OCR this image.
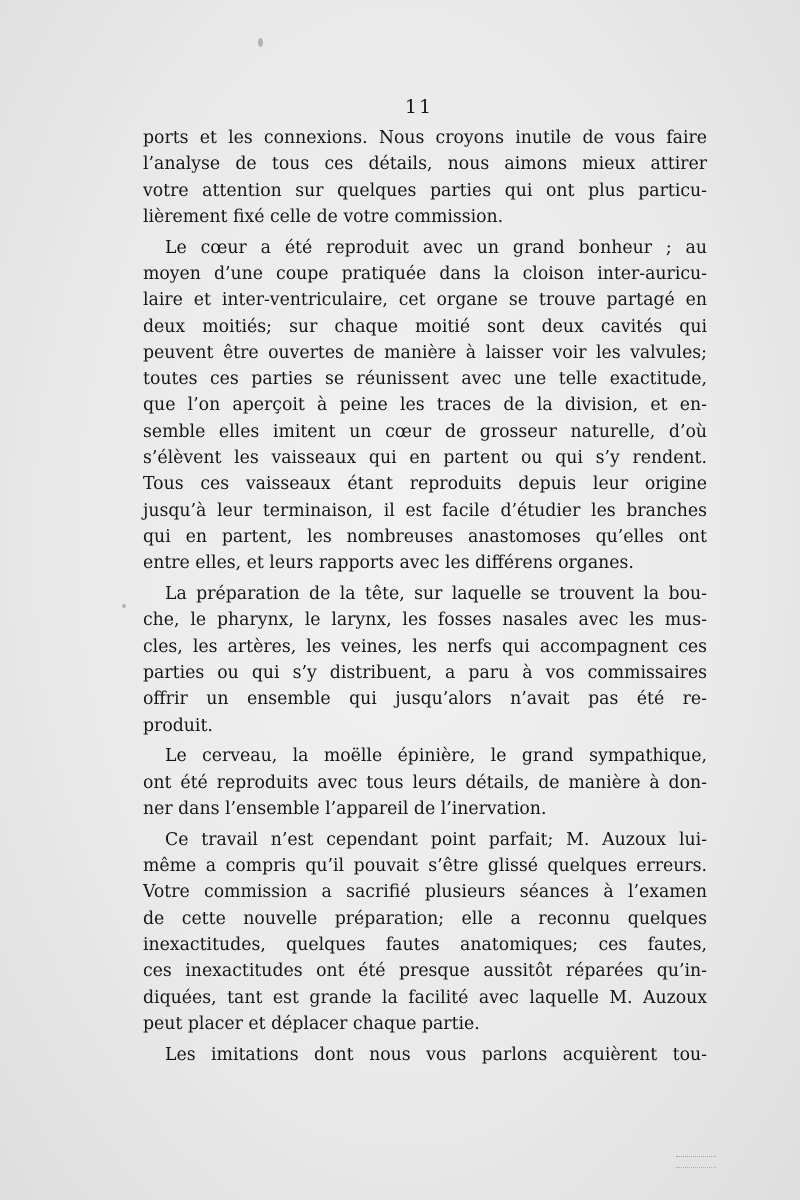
11
ports et les connexions. Nous croyons inutile de vous faire
l’analyse de tous ces détails, nous aimons mieux attirer
votre attention sur quelques parties qui ont plus particu-
lièrement fixé celle de votre commission.
Le cœur a été reproduit avec un grand bonheur ; au
moyen d’une coupe pratiquée dans la cloison inter-auricu-
laire et inter-ventriculaire, cet organe se trouve partagé en
deux moitiés; sur chaque moitié sont deux cavités qui
peuvent être ouvertes de manière à laisser voir les valvules;
toutes ces parties se réunissent avec une telle exactitude,
que l’on aperçoit à peine les traces de la division, et en-
semble elles imitent un cœur de grosseur naturelle, d’où
s’élèvent les vaisseaux qui en partent ou qui s’y rendent.
Tous ces vaisseaux étant reproduits depuis leur origine
jusqu’à leur terminaison, il est facile d’étudier les branches
qui en partent, les nombreuses anastomoses qu’elles ont
entre elles, et leurs rapports avec les différens organes.
La préparation de la tête, sur laquelle se trouvent la bou-
che, le pharynx, le larynx, les fosses nasales avec les mus-
cles, les artères, les veines, les nerfs qui accompagnent ces
parties ou qui s’y distribuent, a paru à vos commissaires
offrir un ensemble qui jusqu’alors n’avait pas été re-
produit.
Le cerveau, la moëlle épinière, le grand sympathique,
ont été reproduits avec tous leurs détails, de manière à don-
ner dans l’ensemble l’appareil de l’inervation.
Ce travail n’est cependant point parfait; M. Auzoux lui-
même a compris qu’il pouvait s’être glissé quelques erreurs.
Votre commission a sacrifié plusieurs séances à l’examen
de cette nouvelle préparation; elle a reconnu quelques
inexactitudes, quelques fautes anatomiques; ces fautes,
ces inexactitudes ont été presque aussitôt réparées qu’in-
diquées, tant est grande la facilité avec laquelle M. Auzoux
peut placer et déplacer chaque partie.
Les imitations dont nous vous parlons acquièrent tou-
